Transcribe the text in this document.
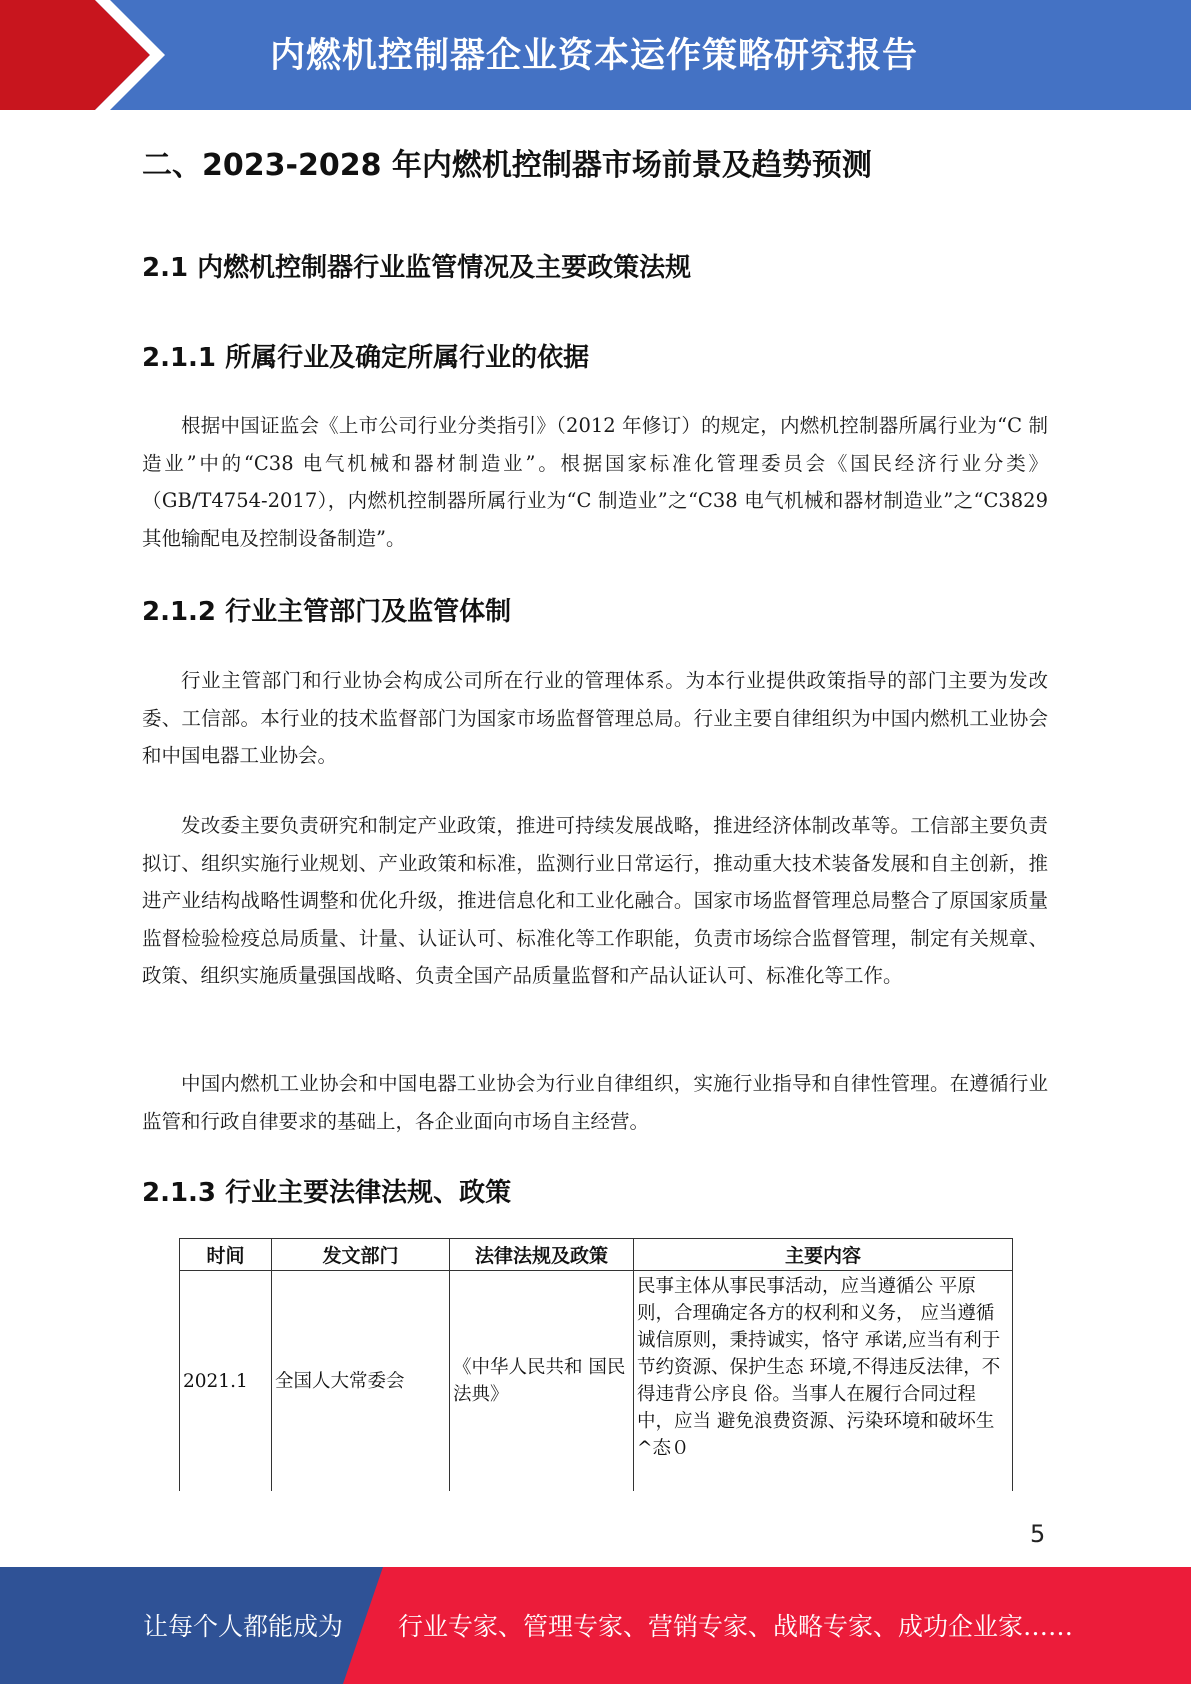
内燃机控制器企业资本运作策略研究报告
二、2023-2028 年内燃机控制器市场前景及趋势预测
2.1 内燃机控制器行业监管情况及主要政策法规
2.1.1 所属行业及确定所属行业的依据

根据中国证监会《上市公司行业分类指引》（2012 年修订）的规定，内燃机控制器所属行业为“C 制造业”中的“C38 电气机械和器材制造业”。根据国家标准化管理委员会《国民经济行业分类》（GB/T4754-2017），内燃机控制器所属行业为“C 制造业”之“C38 电气机械和器材制造业”之“C3829 其他输配电及控制设备制造”。

2.1.2 行业主管部门及监管体制

行业主管部门和行业协会构成公司所在行业的管理体系。为本行业提供政策指导的部门主要为发改委、工信部。本行业的技术监督部门为国家市场监督管理总局。行业主要自律组织为中国内燃机工业协会和中国电器工业协会。

发改委主要负责研究和制定产业政策，推进可持续发展战略，推进经济体制改革等。工信部主要负责拟订、组织实施行业规划、产业政策和标准，监测行业日常运行，推动重大技术装备发展和自主创新，推进产业结构战略性调整和优化升级，推进信息化和工业化融合。国家市场监督管理总局整合了原国家质量监督检验检疫总局质量、计量、认证认可、标准化等工作职能，负责市场综合监督管理，制定有关规章、政策、组织实施质量强国战略、负责全国产品质量监督和产品认证认可、标准化等工作。

中国内燃机工业协会和中国电器工业协会为行业自律组织，实施行业指导和自律性管理。在遵循行业监管和行政自律要求的基础上，各企业面向市场自主经营。

2.1.3 行业主要法律法规、政策
时间	发文部门	法律法规及政策	主要内容
2021.1	全国人大常委会	《中华人民共和 国民法典》	民事主体从事民事活动，应当遵循公 平原则，合理确定各方的权利和义务， 应当遵循诚信原则，秉持诚实，恪守 承诺,应当有利于节约资源、保护生态 环境,不得违反法律，不得违背公序良 俗。当事人在履行合同过程中，应当 避免浪费资源、污染环境和破坏生 ^态０
5
让每个人都能成为 行业专家、管理专家、营销专家、战略专家、成功企业家……
